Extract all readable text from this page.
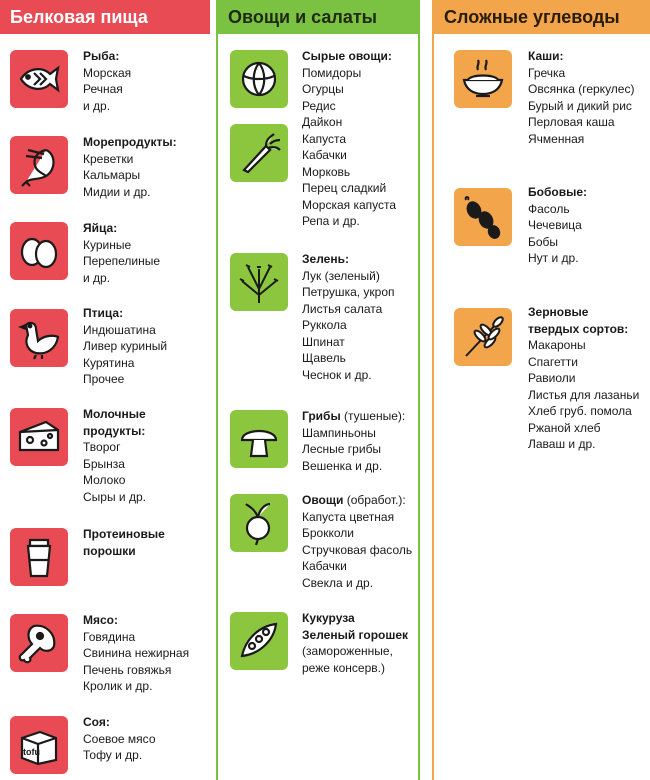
Белковая пища
Рыба:
Морская
Речная
и др.
Морепродукты:
Креветки
Кальмары
Мидии и др.
Яйца:
Куриные
Перепелиные
и др.
Птица:
Индюшатина
Ливер куриный
Курятина
Прочее
Молочные
продукты:
Творог
Брынза
Молоко
Сыры и др.
Протеиновые
порошки
Мясо:
Говядина
Свинина нежирная
Печень говяжья
Кролик и др.
tofu
Соя:
Соевое мясо
Тофу и др.
Овощи и салаты
Сырые овощи:
Помидоры
Огурцы
Редис
Дайкон
Капуста
Кабачки
Морковь
Перец сладкий
Морская капуста
Репа и др.
Зелень:
Лук (зеленый)
Петрушка, укроп
Листья салата
Руккола
Шпинат
Щавель
Чеснок и др.
Грибы (тушеные):
Шампиньоны
Лесные грибы
Вешенка и др.
Овощи (обработ.):
Капуста цветная
Брокколи
Стручковая фасоль
Кабачки
Свекла и др.
Кукуруза
Зеленый горошек
(замороженные,
реже консерв.)
Сложные углеводы
Каши:
Гречка
Овсянка (геркулес)
Бурый и дикий рис
Перловая каша
Ячменная
Бобовые:
Фасоль
Чечевица
Бобы
Нут и др.
Зерновые
твердых сортов:
Макароны
Спагетти
Равиоли
Листья для лазаньи
Хлеб груб. помола
Ржаной хлеб
Лаваш и др.
